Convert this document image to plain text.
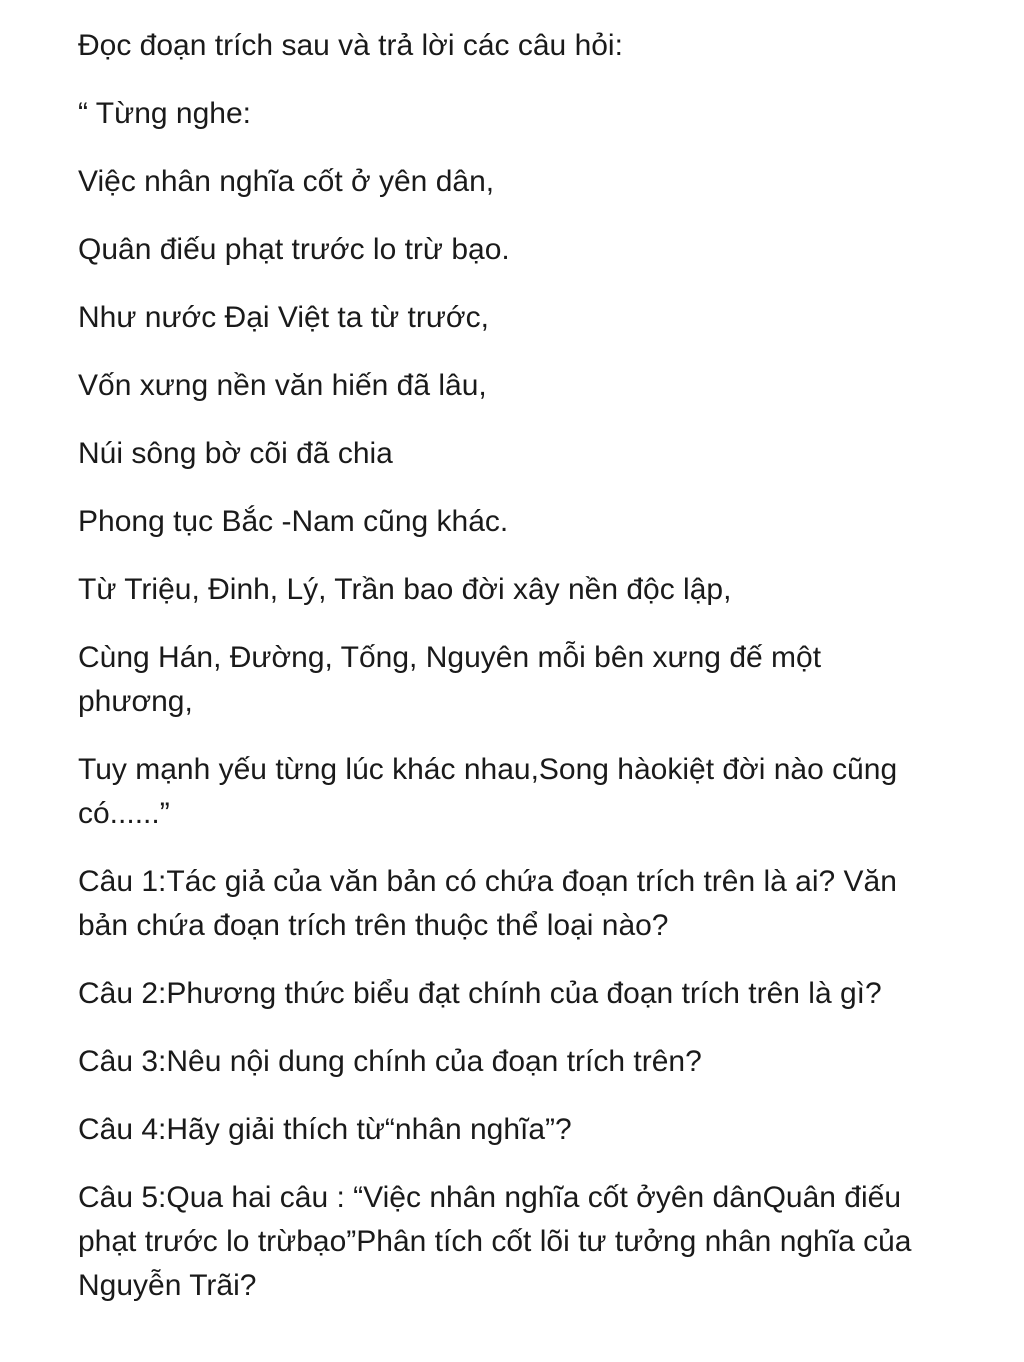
Đọc đoạn trích sau và trả lời các câu hỏi:

“ Từng nghe:

Việc nhân nghĩa cốt ở yên dân,

Quân điếu phạt trước lo trừ bạo.

Như nước Đại Việt ta từ trước,

Vốn xưng nền văn hiến đã lâu,

Núi sông bờ cõi đã chia

Phong tục Bắc -Nam cũng khác.

Từ Triệu, Đinh, Lý, Trần bao đời xây nền độc lập,

Cùng Hán, Đường, Tống, Nguyên mỗi bên xưng đế một phương,

Tuy mạnh yếu từng lúc khác nhau,Song hàokiệt đời nào cũng có......”

Câu 1:Tác giả của văn bản có chứa đoạn trích trên là ai? Văn bản chứa đoạn trích trên thuộc thể loại nào?

Câu 2:Phương thức biểu đạt chính của đoạn trích trên là gì?

Câu 3:Nêu nội dung chính của đoạn trích trên?

Câu 4:Hãy giải thích từ“nhân nghĩa”?

Câu 5:Qua hai câu : “Việc nhân nghĩa cốt ởyên dânQuân điếu phạt trước lo trừbạo”Phân tích cốt lõi tư tưởng nhân nghĩa của Nguyễn Trãi?
